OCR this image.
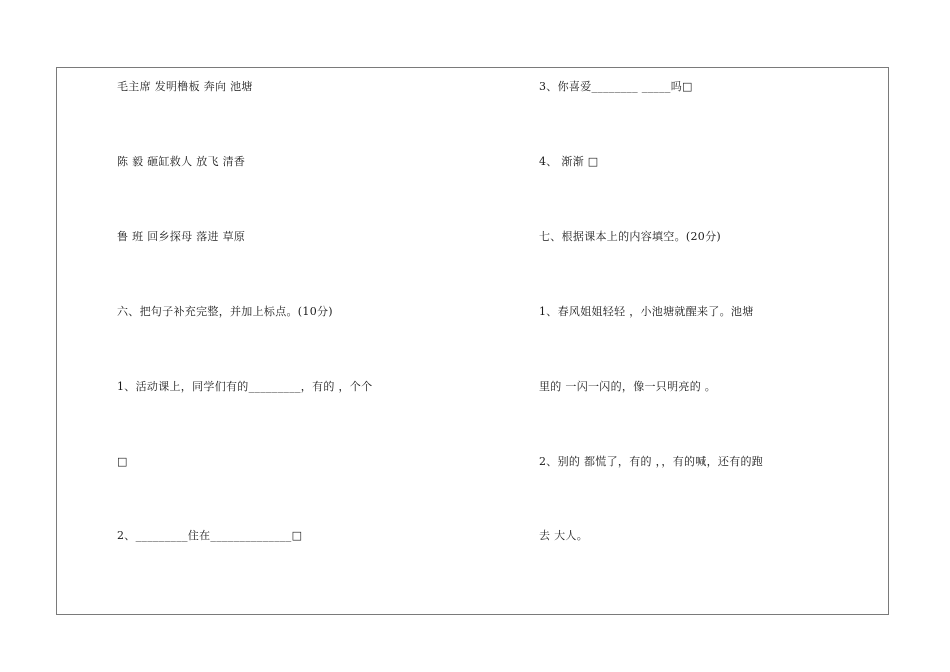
毛主席 发明橹板 奔向 池塘
陈 毅 砸缸救人 放飞 清香
鲁 班 回乡探母 落进 草原
六、把句子补充完整，并加上标点。(10分)
1、活动课上，同学们有的_________，有的 ，个个
□
2、_________住在______________□
3、你喜爱________ _____吗□
4、 渐渐 □
七、根据课本上的内容填空。(20分)
1、春风姐姐轻轻 ，小池塘就醒来了。池塘
里的 一闪一闪的，像一只明亮的 。
2、别的 都慌了，有的 ，，有的喊，还有的跑
去 大人。
